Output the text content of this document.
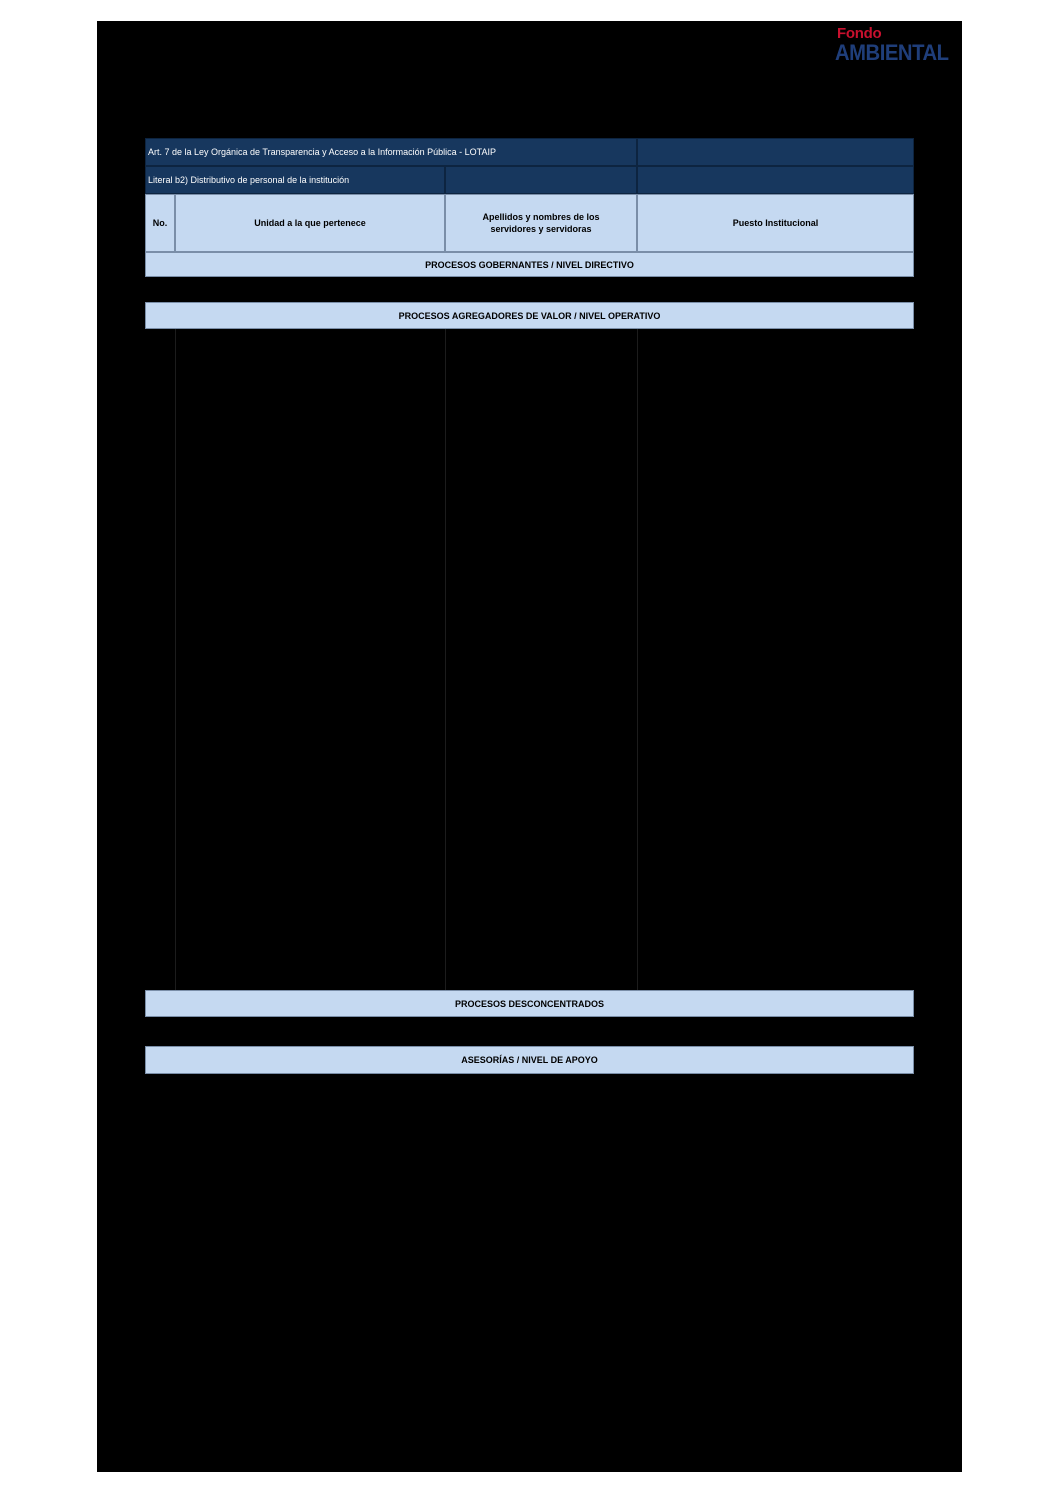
Fondo
AMBIENTAL
Art. 7 de la Ley Orgánica de Transparencia y Acceso a la Información Pública - LOTAIP
Literal b2) Distributivo de personal de la institución
No.	Unidad a la que pertenece
Apellidos y nombres de los servidores y servidoras
Puesto Institucional
PROCESOS GOBERNANTES / NIVEL DIRECTIVO
PROCESOS AGREGADORES DE VALOR / NIVEL OPERATIVO
PROCESOS DESCONCENTRADOS
ASESORÍAS / NIVEL DE APOYO
